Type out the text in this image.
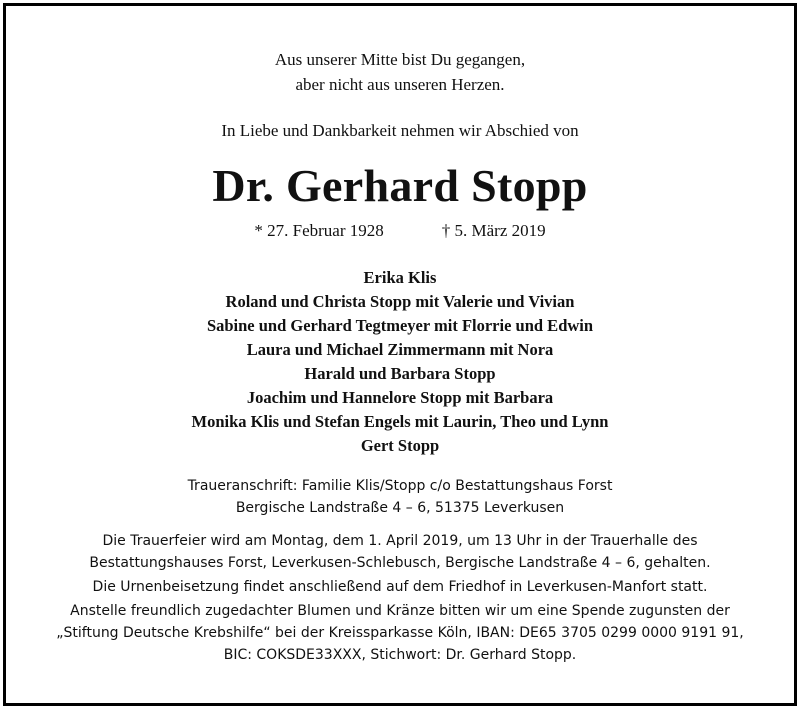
Aus unserer Mitte bist Du gegangen,
aber nicht aus unseren Herzen.
In Liebe und Dankbarkeit nehmen wir Abschied von
Dr. Gerhard Stopp
* 27. Februar 1928	† 5. März 2019
Erika Klis
Roland und Christa Stopp mit Valerie und Vivian
Sabine und Gerhard Tegtmeyer mit Florrie und Edwin
Laura und Michael Zimmermann mit Nora
Harald und Barbara Stopp
Joachim und Hannelore Stopp mit Barbara
Monika Klis und Stefan Engels mit Laurin, Theo und Lynn
Gert Stopp
Traueranschrift: Familie Klis/Stopp c/o Bestattungshaus Forst
Bergische Landstraße 4 – 6, 51375 Leverkusen
Die Trauerfeier wird am Montag, dem 1. April 2019, um 13 Uhr in der Trauerhalle des
Bestattungshauses Forst, Leverkusen-Schlebusch, Bergische Landstraße 4 – 6, gehalten.
Die Urnenbeisetzung findet anschließend auf dem Friedhof in Leverkusen-Manfort statt.
Anstelle freundlich zugedachter Blumen und Kränze bitten wir um eine Spende zugunsten der
„Stiftung Deutsche Krebshilfe“ bei der Kreissparkasse Köln, IBAN: DE65 3705 0299 0000 9191 91,
BIC: COKSDE33XXX, Stichwort: Dr. Gerhard Stopp.
